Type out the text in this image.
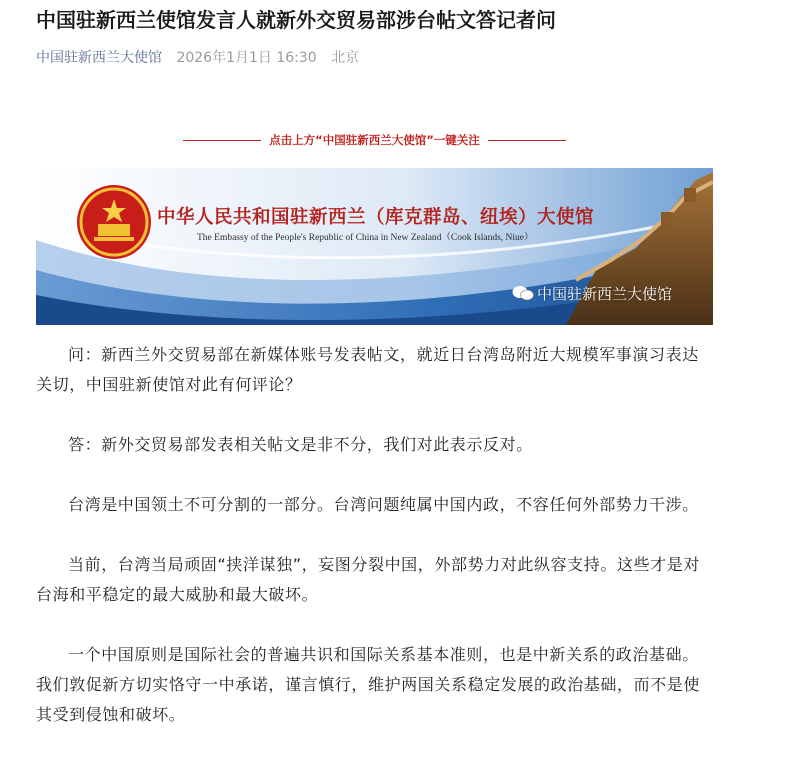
中国驻新西兰使馆发言人就新外交贸易部涉台帖文答记者问
中国驻新西兰大使馆 2026年1月1日 16:30 北京
点击上方“中国驻新西兰大使馆”一键关注
中华人民共和国驻新西兰（库克群岛、纽埃）大使馆
The Embassy of the People's Republic of China in New Zealand（Cook Islands, Niue）
中国驻新西兰大使馆

问：新西兰外交贸易部在新媒体账号发表帖文，就近日台湾岛附近大规模军事演习表达关切，中国驻新使馆对此有何评论？

答：新外交贸易部发表相关帖文是非不分，我们对此表示反对。

台湾是中国领土不可分割的一部分。台湾问题纯属中国内政，不容任何外部势力干涉。

当前，台湾当局顽固“挟洋谋独”，妄图分裂中国，外部势力对此纵容支持。这些才是对台海和平稳定的最大威胁和最大破坏。

一个中国原则是国际社会的普遍共识和国际关系基本准则，也是中新关系的政治基础。我们敦促新方切实恪守一中承诺，谨言慎行，维护两国关系稳定发展的政治基础，而不是使其受到侵蚀和破坏。
